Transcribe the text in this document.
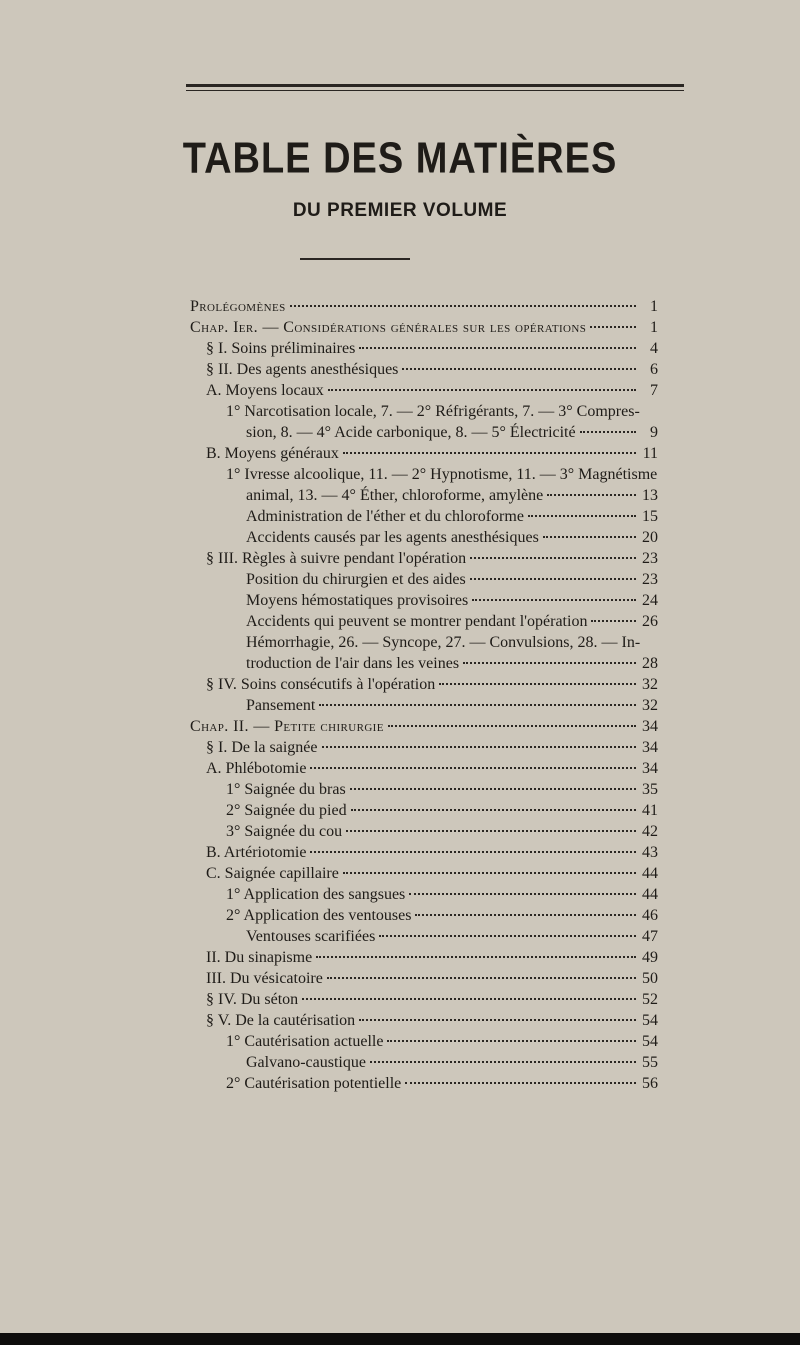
TABLE DES MATIÈRES
DU PREMIER VOLUME
Prolégomènes	1
Chap. Ier. — Considérations générales sur les opérations	1
§ I. Soins préliminaires	4
§ II. Des agents anesthésiques	6
A. Moyens locaux	7
1° Narcotisation locale, 7. — 2° Réfrigérants, 7. — 3° Compres-
sion, 8. — 4° Acide carbonique, 8. — 5° Électricité	9
B. Moyens généraux	11
1° Ivresse alcoolique, 11. — 2° Hypnotisme, 11. — 3° Magnétisme
animal, 13. — 4° Éther, chloroforme, amylène	13
Administration de l'éther et du chloroforme	15
Accidents causés par les agents anesthésiques	20
§ III. Règles à suivre pendant l'opération	23
Position du chirurgien et des aides	23
Moyens hémostatiques provisoires	24
Accidents qui peuvent se montrer pendant l'opération	26
Hémorrhagie, 26. — Syncope, 27. — Convulsions, 28. — In-
troduction de l'air dans les veines	28
§ IV. Soins consécutifs à l'opération	32
Pansement	32
Chap. II. — Petite chirurgie	34
§ I. De la saignée	34
A. Phlébotomie	34
1° Saignée du bras	35
2° Saignée du pied	41
3° Saignée du cou	42
B. Artériotomie	43
C. Saignée capillaire	44
1° Application des sangsues	44
2° Application des ventouses	46
Ventouses scarifiées	47
II. Du sinapisme	49
III. Du vésicatoire	50
§ IV. Du séton	52
§ V. De la cautérisation	54
1° Cautérisation actuelle	54
Galvano-caustique	55
2° Cautérisation potentielle	56
